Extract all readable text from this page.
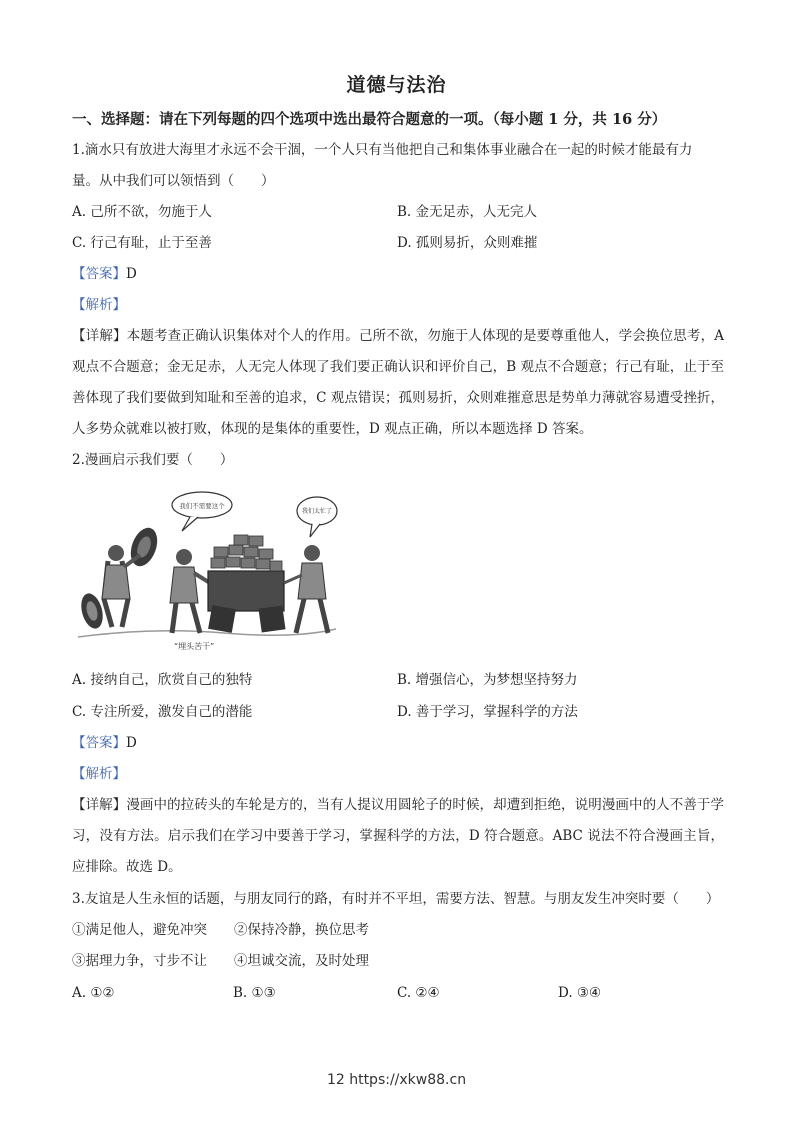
道德与法治
一、选择题：请在下列每题的四个选项中选出最符合题意的一项。（每小题 1 分，共 16 分）
1.滴水只有放进大海里才永远不会干涸，一个人只有当他把自己和集体事业融合在一起的时候才能最有力
量。从中我们可以领悟到（　　）
A. 己所不欲，勿施于人	B. 金无足赤，人无完人
C. 行己有耻，止于至善	D. 孤则易折，众则难摧
【答案】D
【解析】
【详解】本题考查正确认识集体对个人的作用。己所不欲，勿施于人体现的是要尊重他人，学会换位思考，A 观点不合题意；金无足赤，人无完人体现了我们要正确认识和评价自己，B 观点不合题意；行己有耻，止于至善体现了我们要做到知耻和至善的追求，C 观点错误；孤则易折，众则难摧意思是势单力薄就容易遭受挫折，人多势众就难以被打败，体现的是集体的重要性，D 观点正确，所以本题选择 D 答案。
2.漫画启示我们要（　　）
我们不需要这个
我们太忙了
“埋头苦干”
A. 接纳自己，欣赏自己的独特	B. 增强信心，为梦想坚持努力
C. 专注所爱，激发自己的潜能	D. 善于学习，掌握科学的方法
【答案】D
【解析】
【详解】漫画中的拉砖头的车轮是方的，当有人提议用圆轮子的时候，却遭到拒绝，说明漫画中的人不善于学习，没有方法。启示我们在学习中要善于学习，掌握科学的方法，D 符合题意。ABC 说法不符合漫画主旨，应排除。故选 D。
3.友谊是人生永恒的话题，与朋友同行的路，有时并不平坦，需要方法、智慧。与朋友发生冲突时要（　　）
①满足他人，避免冲突　　②保持冷静，换位思考
③据理力争，寸步不让　　④坦诚交流，及时处理
A. ①②	B. ①③	C. ②④	D. ③④
12 https://xkw88.cn
